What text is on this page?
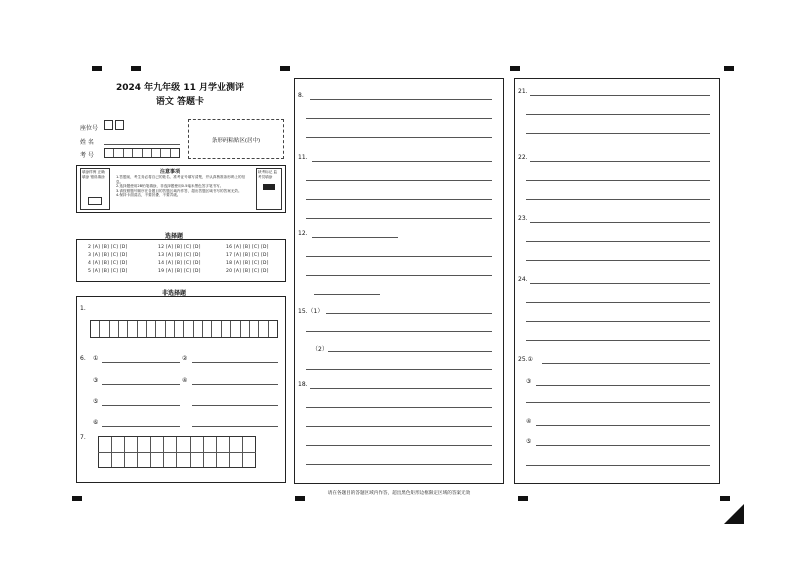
2024 年九年级 11 月学业测评
语文 答题卡
座位号
姓 名
考 号
条形码粘贴区(居中)
填涂样例 正确填涂 错误填涂
注意事项
1.答题前，考生务必将自己的姓名、准考证号填写清楚，并认真核准条形码上的信息。
2.选择题使用2B铅笔填涂，非选择题使用0.5毫米黑色签字笔书写。
3.请按照题号顺序在各题目的答题区域内作答，超出答题区域书写的答案无效。
4.保持卡面清洁，不要折叠、不要弄破。
缺考标记 监考员填涂
选择题
2 [A] [B] [C] [D]
3 [A] [B] [C] [D]
4 [A] [B] [C] [D]
5 [A] [B] [C] [D]
12 [A] [B] [C] [D]
13 [A] [B] [C] [D]
14 [A] [B] [C] [D]
19 [A] [B] [C] [D]
16 [A] [B] [C] [D]
17 [A] [B] [C] [D]
18 [A] [B] [C] [D]
20 [A] [B] [C] [D]
非选择题
1.
6. ①	②
③	④
⑤
⑥
7.
8.
11.
12.
15.（1）
（2）
18.
21.
22.
23.
24.
25.①
③
④
⑤
请在各题目的答题区域内作答，超出黑色矩形边框限定区域的答案无效
